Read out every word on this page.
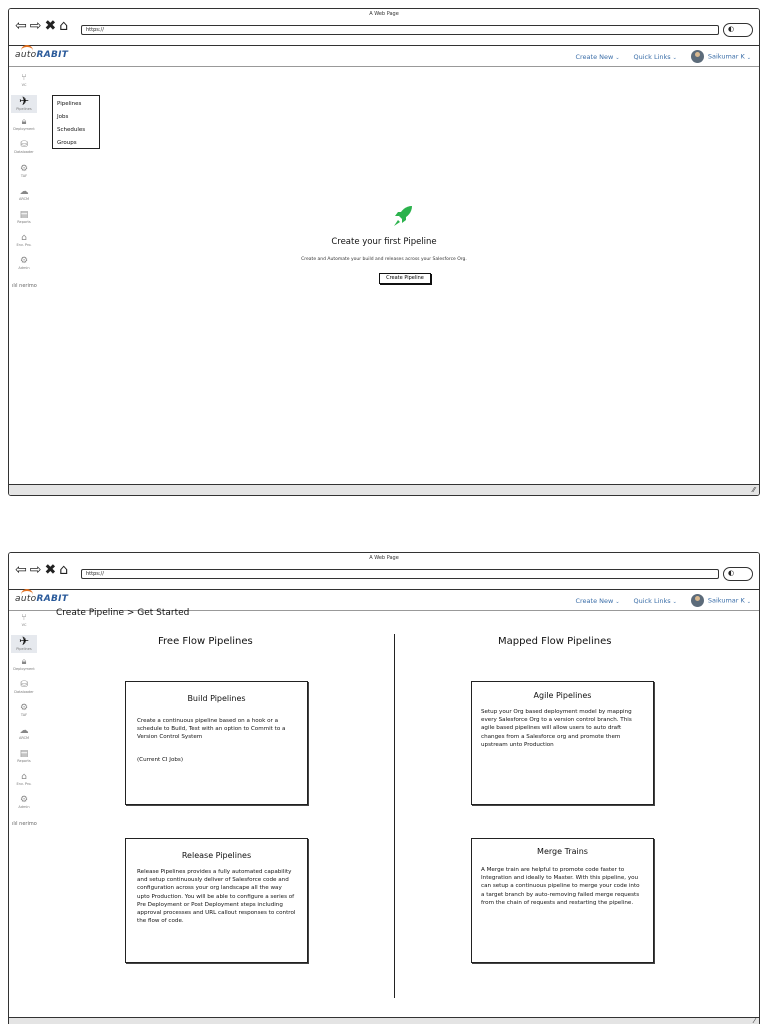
A Web Page
⇦ ⇨ ✖ ⌂	https://	◐
autoRABIT	Create New ⌄ Quick Links ⌄	Saikumar K ⌄
⑂
VC
✈
Pipelines
🔒︎
Deployment
⛁
Dataloader
⚙
TAF
☁
ARCM
▤
Reports
⌂
Env. Pro.
⚙
Admin
ılıl nerimo
Pipelines
Jobs
Schedules
Groups
Create your first Pipeline
Create and Automate your build and releases across your Salesforce Org.
Create Pipeline
⁄⁄
A Web Page
⇦ ⇨ ✖ ⌂	https://	◐
autoRABIT	Create New ⌄ Quick Links ⌄	Saikumar K ⌄
⑂
VC
✈
Pipelines
🔒︎
Deployment
⛁
Dataloader
⚙
TAF
☁
ARCM
▤
Reports
⌂
Env. Pro.
⚙
Admin
ılıl nerimo
⁄
Create Pipeline > Get Started
Free Flow Pipelines	Mapped Flow Pipelines
Build Pipelines

Create a continuous pipeline based on a hook or a schedule to Build, Test with an option to Commit to a Version Control System

(Current CI Jobs)

Agile Pipelines

Setup your Org based deployment model by mapping every Salesforce Org to a version control branch. This agile based pipelines will allow users to auto draft changes from a Salesforce org and promote them upstream unto Production

Release Pipelines

Release Pipelines provides a fully automated capability and setup continuously deliver of Salesforce code and configuration across your org landscape all the way upto Production. You will be able to configure a series of Pre Deployment or Post Deployment steps including approval processes and URL callout responses to control the flow of code.

Merge Trains

A Merge train are helpful to promote code faster to Integration and ideally to Master. With this pipeline, you can setup a continuous pipeline to merge your code into a target branch by auto-removing failed merge requests from the chain of requests and restarting the pipeline.
